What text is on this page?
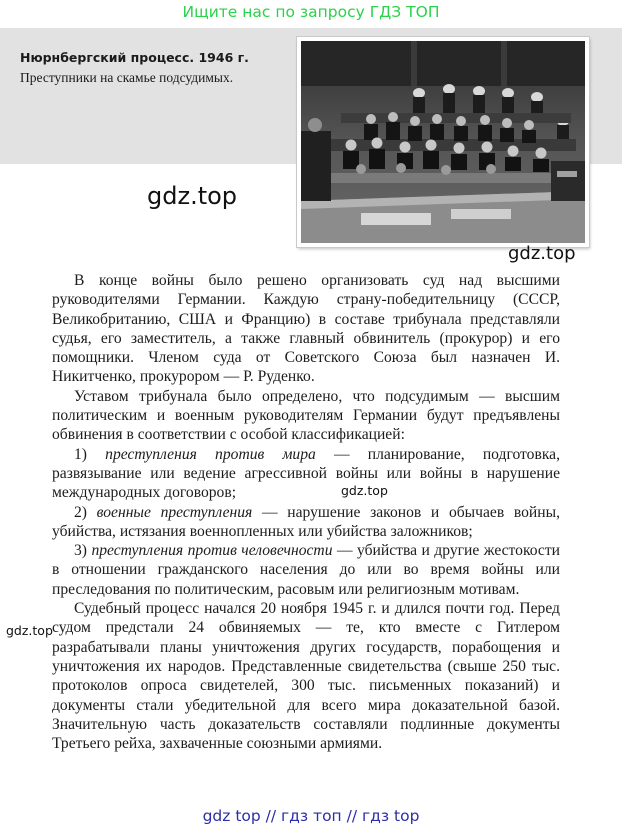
Ищите нас по запросу ГДЗ ТОП
Нюрнбергский процесс. 1946 г.
Преступники на скамье подсудимых.
gdz.top
gdz.top

В конце войны было решено организовать суд над высшими руководителями Германии. Каждую страну-победительницу (СССР, Великобританию, США и Францию) в составе трибунала представляли судья, его заместитель, а также главный обвинитель (прокурор) и его помощники. Членом суда от Советского Союза был назначен И. Никитченко, прокурором — Р. Руденко.

Уставом трибунала было определено, что подсудимым — высшим политическим и военным руководителям Германии будут предъявлены обвинения в соответствии с особой классификацией:

1) преступления против мира — планирование, подготовка, развязывание или ведение агрессивной войны или войны в нарушение международных договоров;

2) военные преступления — нарушение законов и обычаев войны, убийства, истязания военнопленных или убийства заложников;

3) преступления против человечности — убийства и другие жестокости в отношении гражданского населения до или во время войны или преследования по политическим, расовым или религиозным мотивам.

Судебный процесс начался 20 ноября 1945 г. и длился почти год. Перед судом предстали 24 обвиняемых — те, кто вместе с Гитлером разрабатывали планы уничтожения других государств, порабощения и уничтожения их народов. Представленные свидетельства (свыше 250 тыс. протоколов опроса свидетелей, 300 тыс. письменных показаний) и документы стали убедительной для всего мира доказательной базой. Значительную часть доказательств составляли подлинные документы Третьего рейха, захваченные союзными армиями.

gdz.top
gdz.top
gdz top // гдз топ // гдз top
